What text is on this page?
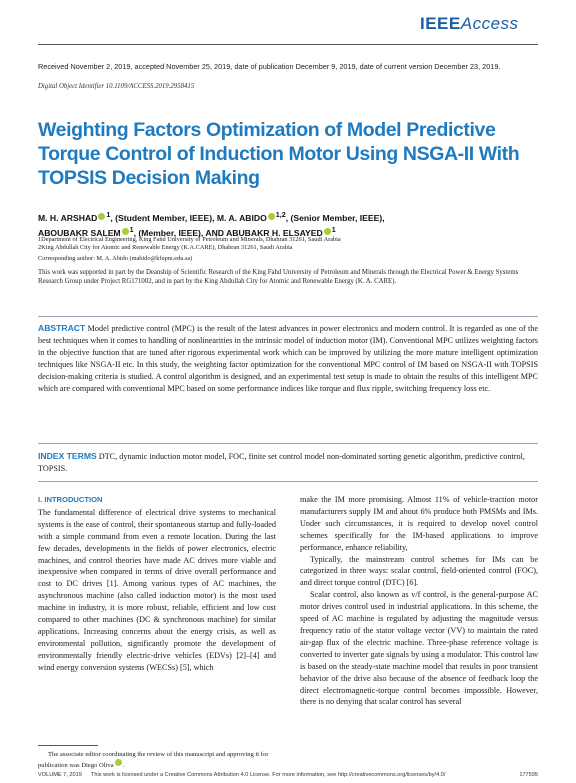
IEEEAccess
Received November 2, 2019, accepted November 25, 2019, date of publication December 9, 2019, date of current version December 23, 2019.
Digital Object Identifier 10.1109/ACCESS.2019.2958415
Weighting Factors Optimization of Model Predictive Torque Control of Induction Motor Using NSGA-II With TOPSIS Decision Making
M. H. ARSHAD $^1$, (Student Member, IEEE), M. A. ABIDO $^{1,2}$, (Senior Member, IEEE),
ABOUBAKR SALEM $^1$, (Member, IEEE), AND ABUBAKR H. ELSAYED $^1$
1Department of Electrical Engineering, King Fahd University of Petroleum and Minerals, Dhahran 31261, Saudi Arabia
2King Abdullah City for Atomic and Renewable Energy (K.A.CARE), Dhahran 31261, Saudi Arabia
Corresponding author: M. A. Abido (mabido@kfupm.edu.sa)
This work was supported in part by the Deanship of Scientific Research of the King Fahd University of Petroleum and Minerals through the Electrical Power & Energy Systems Research Group under Project RG171002, and in part by the King Abdullah City for Atomic and Renewable Energy (K. A. CARE).
ABSTRACT Model predictive control (MPC) is the result of the latest advances in power electronics and modern control. It is regarded as one of the best techniques when it comes to handling of nonlinearities in the intrinsic model of induction motor (IM). Conventional MPC utilizes weighting factors in the objective function that are tuned after rigorous experimental work which can be improved by utilizing the more mature intelligent optimization techniques like NSGA-II etc. In this study, the weighting factor optimization for the conventional MPC control of IM based on NSGA-II with TOPSIS decision-making criteria is studied. A control algorithm is designed, and an experimental test setup is made to obtain the results of this intelligent MPC which are compared with conventional MPC based on some performance indices like torque and flux ripple, switching frequency loss etc.
INDEX TERMS DTC, dynamic induction motor model, FOC, finite set control model non-dominated sorting genetic algorithm, predictive control, TOPSIS.
I. INTRODUCTION

The fundamental difference of electrical drive systems to mechanical systems is the ease of control, their spontaneous startup and fully-loaded with a simple command from even a remote location. During the last few decades, developments in the fields of power electronics, electric machines, and control theories have made AC drives more viable and inexpensive when compared in terms of drive overall performance and cost to DC drives [1]. Among various types of AC machines, the asynchronous machine (also called induction motor) is the most used machine in industry, it is more robust, reliable, efficient and low cost compared to other machines (DC & synchronous machine) for similar applications. Increasing concerns about the energy crisis, as well as environmental pollution, significantly promote the development of environmentally friendly electric-drive vehicles (EDVs) [2]–[4] and wind energy conversion systems (WECSs) [5], which

make the IM more promising. Almost 11% of vehicle-traction motor manufacturers supply IM and about 6% produce both PMSMs and IMs. Under such circumstances, it is required to develop novel control schemes specifically for the IM-based applications to improve performance, enhance reliability,

Typically, the mainstream control schemes for IMs can be categorized in three ways: scalar control, field-oriented control (FOC), and direct torque control (DTC) [6].

Scalar control, also known as v/f control, is the general-purpose AC motor drives control used in industrial applications. In this scheme, the speed of AC machine is regulated by adjusting the magnitude versus frequency ratio of the stator voltage vector (VV) to maintain the rated air-gap flux of the electric machine. Three-phase reference voltage is converted to inverter gate signals by using a modulator. This control law is based on the steady-state machine model that results in poor transient behavior of the drive also because of the absence of feedback loop the direct electromagnetic-torque control becomes impossible. However, there is no denying that scalar control has several

The associate editor coordinating the review of this manuscript and approving it for publication was Diego Oliva .
VOLUME 7, 2019 This work is licensed under a Creative Commons Attribution 4.0 License. For more information, see http://creativecommons.org/licenses/by/4.0/	177595
